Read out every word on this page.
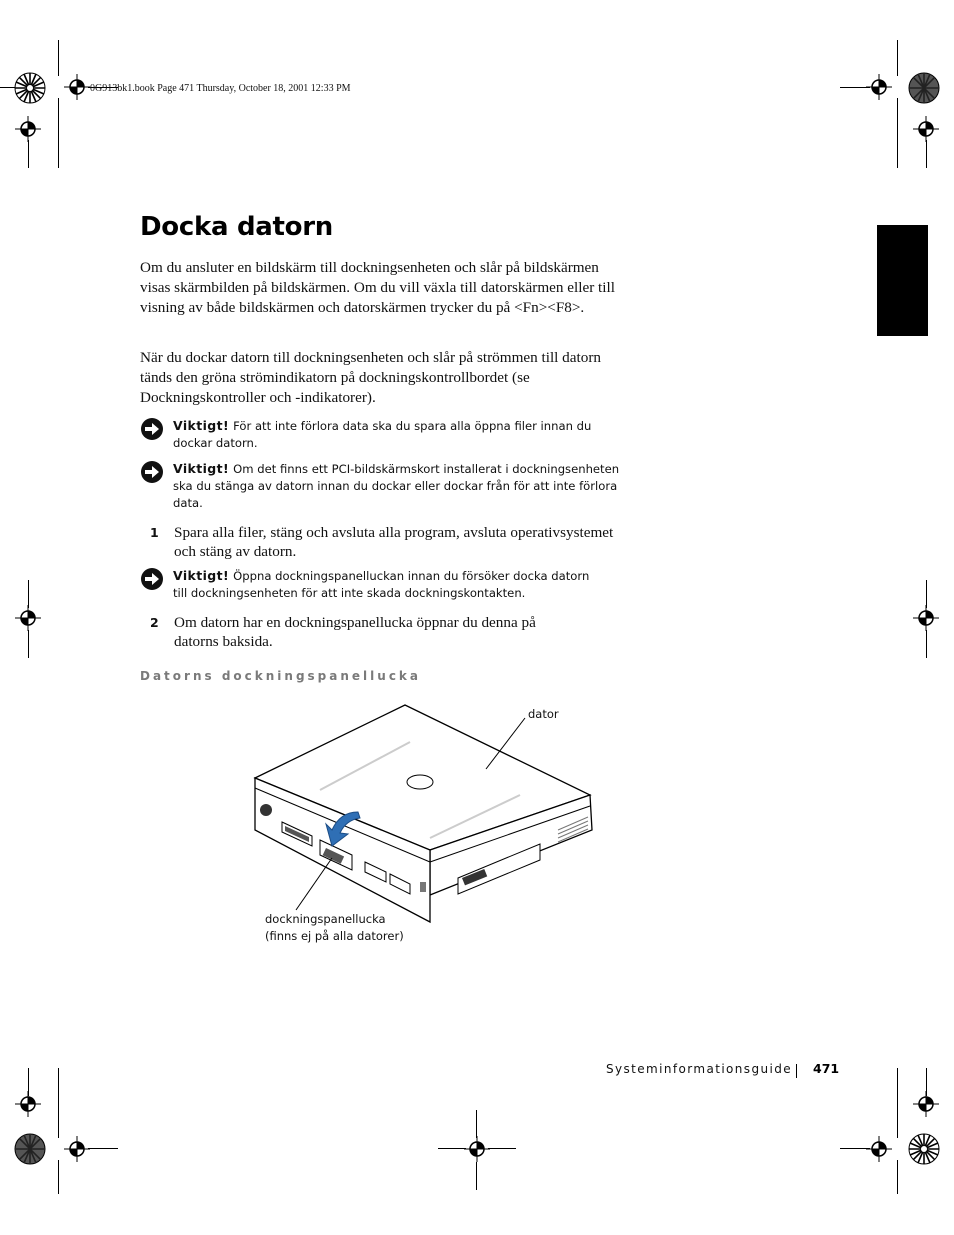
0G913bk1.book Page 471 Thursday, October 18, 2001 12:33 PM
Docka datorn

Om du ansluter en bildskärm till dockningsenheten och slår på bildskärmen visas skärmbilden på bildskärmen. Om du vill växla till datorskärmen eller till visning av både bildskärmen och datorskärmen trycker du på <Fn><F8>.

När du dockar datorn till dockningsenheten och slår på strömmen till datorn tänds den gröna strömindikatorn på dockningskontrollbordet (se Dockningskontroller och -indikatorer).

Viktigt! För att inte förlora data ska du spara alla öppna filer innan du dockar datorn.
Viktigt! Om det finns ett PCI-bildskärmskort installerat i dockningsenheten ska du stänga av datorn innan du dockar eller dockar från för att inte förlora data.
1 Spara alla filer, stäng och avsluta alla program, avsluta operativsystemet och stäng av datorn.
Viktigt! Öppna dockningspanelluckan innan du försöker docka datorn till dockningsenheten för att inte skada dockningskontakten.
2 Om datorn har en dockningspanellucka öppnar du denna på datorns baksida.
Datorns dockningspanellucka
dator
dockningspanellucka
(finns ej på alla datorer)
Systeminformationsguide 471
